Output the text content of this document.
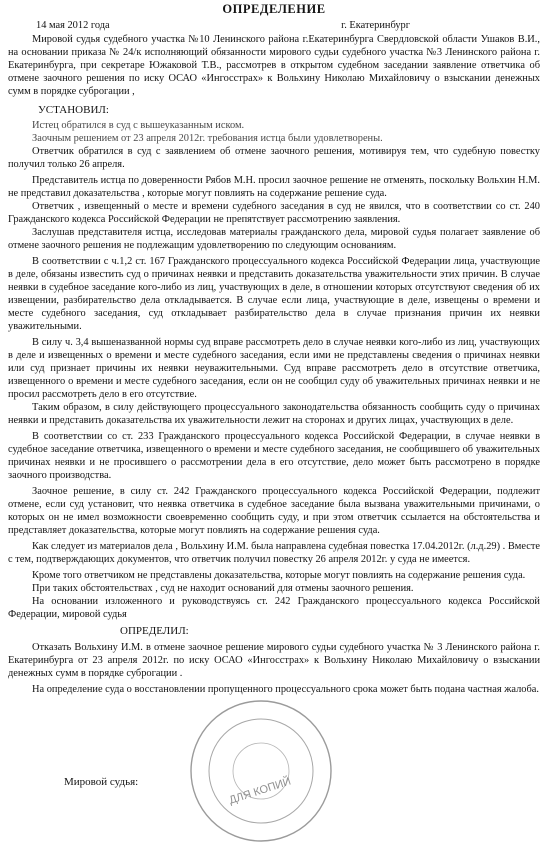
ОПРЕДЕЛЕНИЕ
14 мая 2012 года	г. Екатеринбург

Мировой судья судебного участка №10 Ленинского района г.Екатеринбурга Свердловской области Ушаков В.И., на основании приказа № 24/к исполняющий обязанности мирового судьи судебного участка №3 Ленинского района г. Екатеринбурга, при секретаре Южаковой Т.В., рассмотрев в открытом судебном заседании заявление ответчика об отмене заочного решения по иску ОСАО «Ингосстрах» к Вольхину Николаю Михайловичу о взыскании денежных сумм в порядке суброгации ,

УСТАНОВИЛ:

Истец обратился в суд с вышеуказанным иском.

Заочным решением от 23 апреля 2012г. требования истца были удовлетворены.

Ответчик обратился в суд с заявлением об отмене заочного решения, мотивируя тем, что судебную повестку получил только 26 апреля.

Представитель истца по доверенности Рябов М.Н. просил заочное решение не отменять, поскольку Вольхин Н.М. не представил доказательства , которые могут повлиять на содержание решение суда.

Ответчик , извещенный о месте и времени судебного заседания в суд не явился, что в соответствии со ст. 240 Гражданского кодекса Российской Федерации не препятствует рассмотрению заявления.

Заслушав представителя истца, исследовав материалы гражданского дела, мировой судья полагает заявление об отмене заочного решения не подлежащим удовлетворению по следующим основаниям.

В соответствии с ч.1,2 ст. 167 Гражданского процессуального кодекса Российской Федерации лица, участвующие в деле, обязаны известить суд о причинах неявки и представить доказательства уважительности этих причин. В случае неявки в судебное заседание кого-либо из лиц, участвующих в деле, в отношении которых отсутствуют сведения об их извещении, разбирательство дела откладывается. В случае если лица, участвующие в деле, извещены о времени и месте судебного заседания, суд откладывает разбирательство дела в случае признания причин их неявки уважительными.

В силу ч. 3,4 вышеназванной нормы суд вправе рассмотреть дело в случае неявки кого-либо из лиц, участвующих в деле и извещенных о времени и месте судебного заседания, если ими не представлены сведения о причинах неявки или суд признает причины их неявки неуважительными. Суд вправе рассмотреть дело в отсутствие ответчика, извещенного о времени и месте судебного заседания, если он не сообщил суду об уважительных причинах неявки и не просил рассмотреть дело в его отсутствие.

Таким образом, в силу действующего процессуального законодательства обязанность сообщить суду о причинах неявки и представить доказательства их уважительности лежит на сторонах и других лицах, участвующих в деле.

В соответствии со ст. 233 Гражданского процессуального кодекса Российской Федерации, в случае неявки в судебное заседание ответчика, извещенного о времени и месте судебного заседания, не сообщившего об уважительных причинах неявки и не просившего о рассмотрении дела в его отсутствие, дело может быть рассмотрено в порядке заочного производства.

Заочное решение, в силу ст. 242 Гражданского процессуального кодекса Российской Федерации, подлежит отмене, если суд установит, что неявка ответчика в судебное заседание была вызвана уважительными причинами, о которых он не имел возможности своевременно сообщить суду, и при этом ответчик ссылается на обстоятельства и представляет доказательства, которые могут повлиять на содержание решения суда.

Как следует из материалов дела , Вольхину И.М. была направлена судебная повестка 17.04.2012г. (л.д.29) . Вместе с тем, подтверждающих документов, что ответчик получил повестку 26 апреля 2012г. у суда не имеется.

Кроме того ответчиком не представлены доказательства, которые могут повлиять на содержание решения суда.

При таких обстоятельствах , суд не находит оснований для отмены заочного решения.

На основании изложенного и руководствуясь ст. 242 Гражданского процессуального кодекса Российской Федерации, мировой судья

ОПРЕДЕЛИЛ:

Отказать Вольхину И.М. в отмене заочное решение мирового судьи судебного участка № 3 Ленинского района г. Екатеринбурга от 23 апреля 2012г. по иску ОСАО «Ингосстрах» к Вольхину Николаю Михайловичу о взыскании денежных сумм в порядке суброгации .

На определение суда о восстановлении пропущенного процессуального срока может быть подана частная жалоба.

ДЛЯ КОПИЙ
Мировой судья:
